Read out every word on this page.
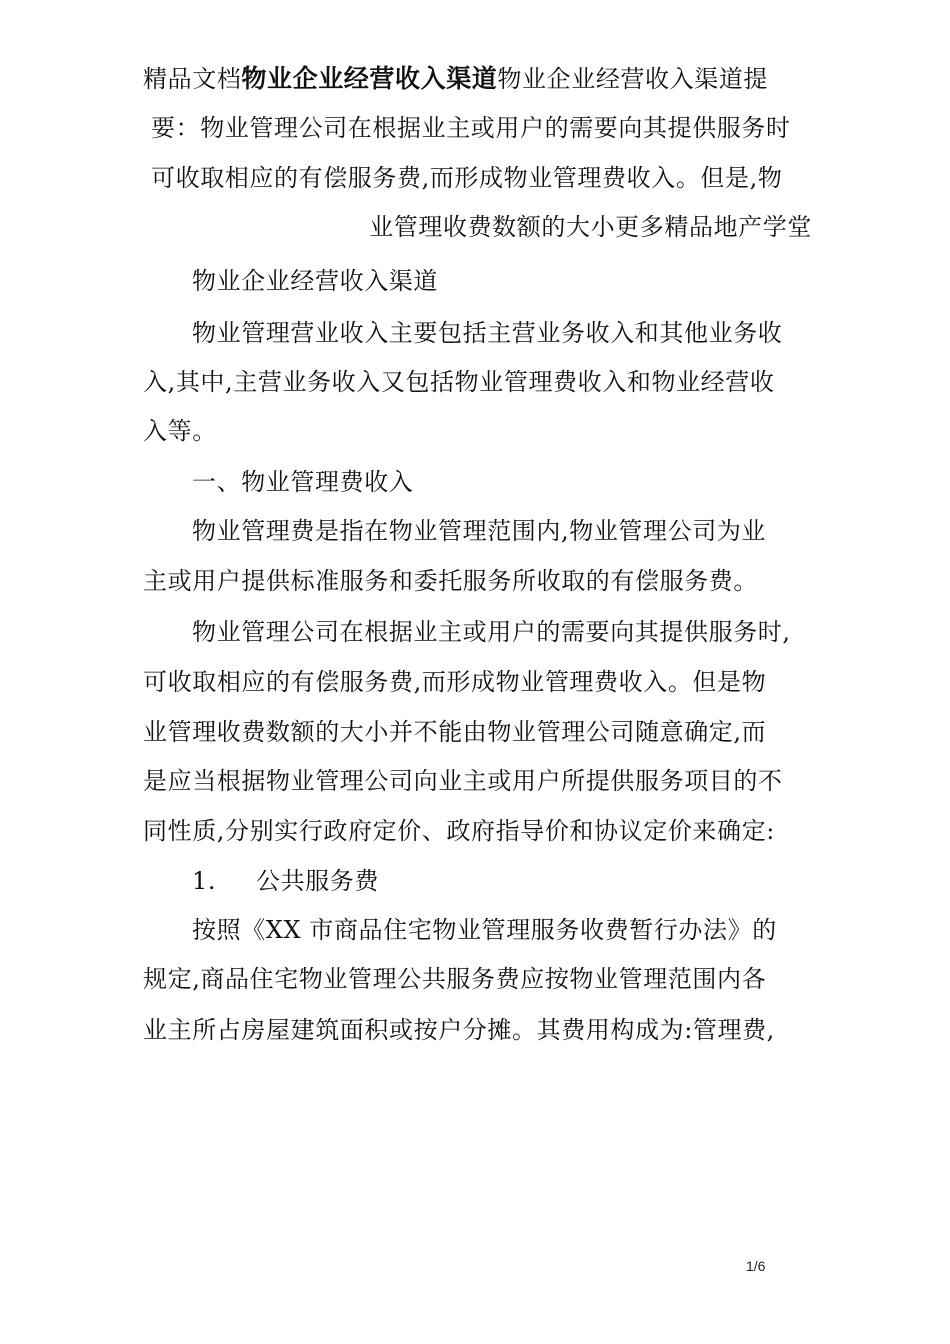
精品文档物业企业经营收入渠道物业企业经营收入渠道提
要：物业管理公司在根据业主或用户的需要向其提供服务时
可收取相应的有偿服务费,而形成物业管理费收入。但是,物
业管理收费数额的大小更多精品地产学堂
物业企业经营收入渠道
物业管理营业收入主要包括主营业务收入和其他业务收
入,其中,主营业务收入又包括物业管理费收入和物业经营收
入等。
一、物业管理费收入
物业管理费是指在物业管理范围内,物业管理公司为业
主或用户提供标准服务和委托服务所收取的有偿服务费。
物业管理公司在根据业主或用户的需要向其提供服务时,
可收取相应的有偿服务费,而形成物业管理费收入。但是物
业管理收费数额的大小并不能由物业管理公司随意确定,而
是应当根据物业管理公司向业主或用户所提供服务项目的不
同性质,分别实行政府定价、政府指导价和协议定价来确定:
1. 公共服务费
按照《XX 市商品住宅物业管理服务收费暂行办法》的
规定,商品住宅物业管理公共服务费应按物业管理范围内各
业主所占房屋建筑面积或按户分摊。其费用构成为:管理费,
1/6
